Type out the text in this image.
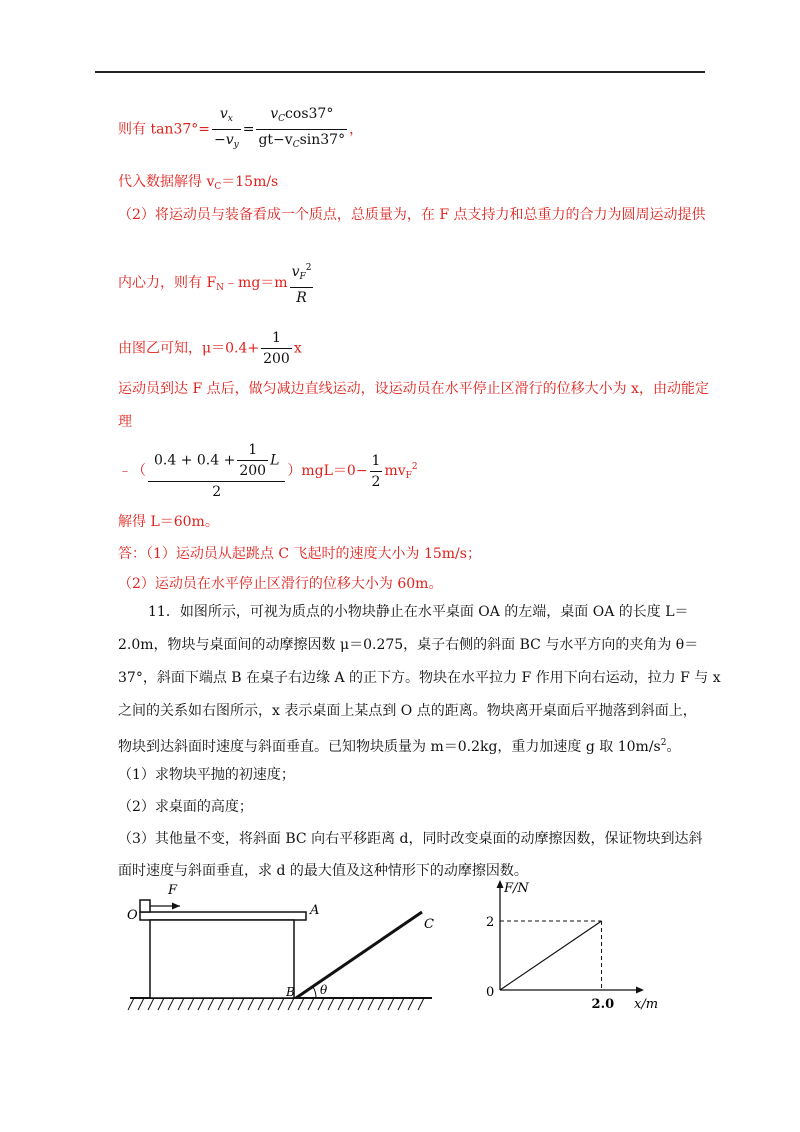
则有 $\tan 37^\circ= \frac{v_x}{-v_y} = \frac{v_C\cos 37^\circ}{gt-v_C\sin 37^\circ}$ ，
代入数据解得 $v_C=15m/s$
（2）将运动员与装备看成一个质点，总质量为，在 F 点支持力和总重力的合力为圆周运动提供
内心力，则有 $F_N﹣mg=m \frac{v_F^2}{R}$
由图乙可知，$\mu=0.4+ \frac{1}{200}$ x
运动员到达 F 点后，做匀减边直线运动，设运动员在水平停止区滑行的位移大小为 x，由动能定
理
﹣（ $\frac{0.4 + 0.4 + \frac{1}{200} L}{2} )mgL=0- \frac{1}{2} mv_F^2$
解得 L＝60m。
答：（1）运动员从起跳点 C 飞起时的速度大小为 15m/s；
（2）运动员在水平停止区滑行的位移大小为 60m。
11．如图所示，可视为质点的小物块静止在水平桌面 OA 的左端，桌面 OA 的长度 L＝
2.0m，物块与桌面间的动摩擦因数 μ＝0.275，桌子右侧的斜面 BC 与水平方向的夹角为 θ＝
37°，斜面下端点 B 在桌子右边缘 A 的正下方。物块在水平拉力 F 作用下向右运动，拉力 F 与 x
之间的关系如右图所示，x 表示桌面上某点到 O 点的距离。物块离开桌面后平抛落到斜面上，
物块到达斜面时速度与斜面垂直。已知物块质量为 m＝0.2kg，重力加速度 g 取 $10m/s^2$。
（1）求物块平抛的初速度；
（2）求桌面的高度；
（3）其他量不变，将斜面 BC 向右平移距离 d，同时改变桌面的动摩擦因数，保证物块到达斜
面时速度与斜面垂直，求 d 的最大值及这种情形下的动摩擦因数。
F
O	A
B
C
θ
F/N
x/m
0
2
2.0
